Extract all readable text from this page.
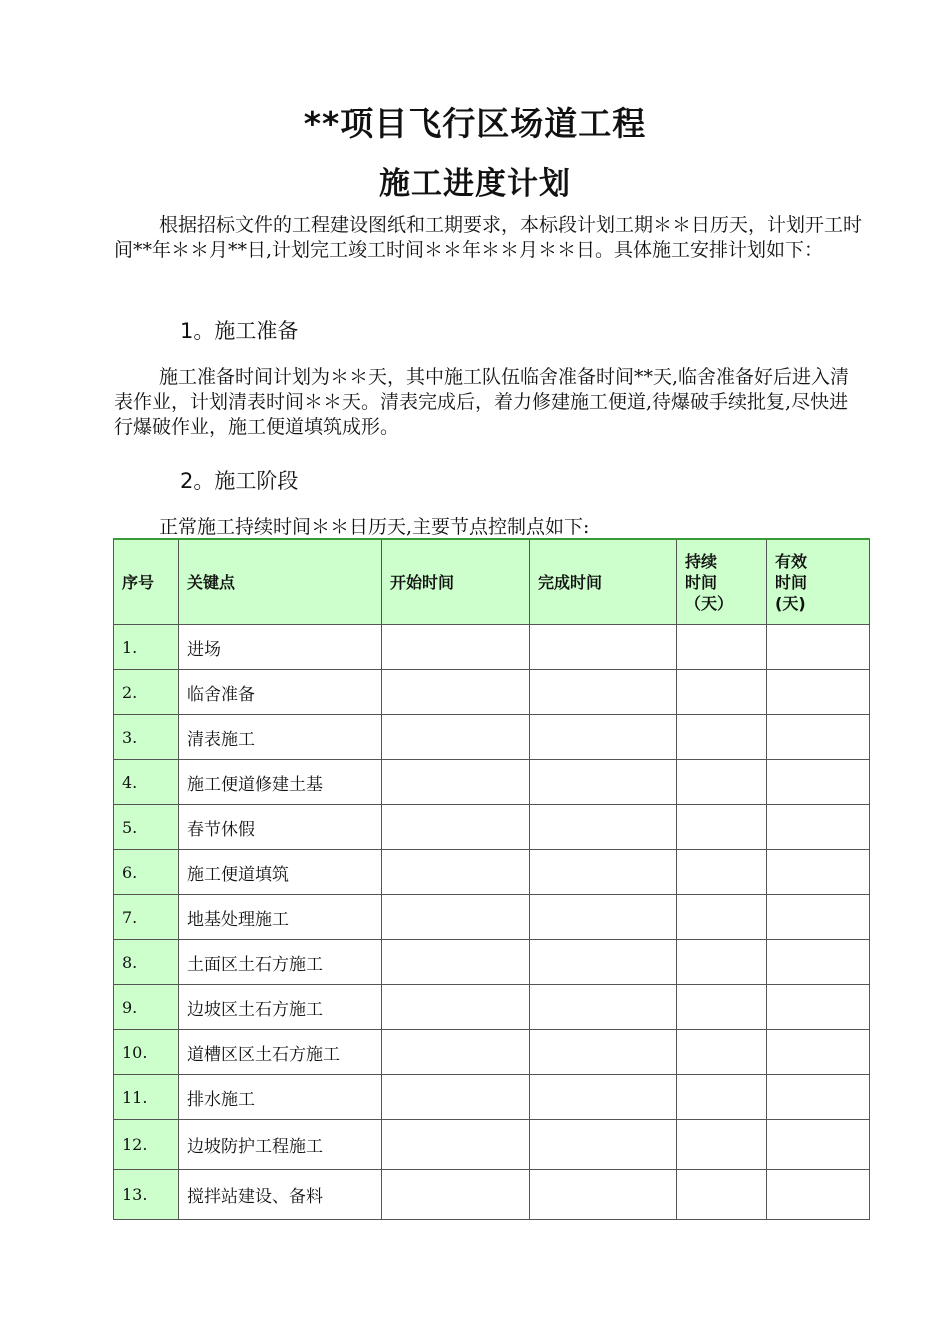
**项目飞行区场道工程
施工进度计划
根据招标文件的工程建设图纸和工期要求，本标段计划工期＊＊日历天，计划开工时间**年＊＊月**日,计划完工竣工时间＊＊年＊＊月＊＊日。具体施工安排计划如下：
1。施工准备
施工准备时间计划为＊＊天，其中施工队伍临舍准备时间**天,临舍准备好后进入清表作业，计划清表时间＊＊天。清表完成后，着力修建施工便道,待爆破手续批复,尽快进行爆破作业，施工便道填筑成形。
2。施工阶段
正常施工持续时间＊＊日历天,主要节点控制点如下:
序号	关键点	开始时间	完成时间	持续
时间
（天）	有效
时间
(天)

1.	进场				
2.	临舍准备				
3.	清表施工				
4.	施工便道修建土基				
5.	春节休假				
6.	施工便道填筑				
7.	地基处理施工				
8.	土面区土石方施工				
9.	边坡区土石方施工				
10.	道槽区区土石方施工				
11.	排水施工				
12.	边坡防护工程施工				
13.	搅拌站建设、备料				
